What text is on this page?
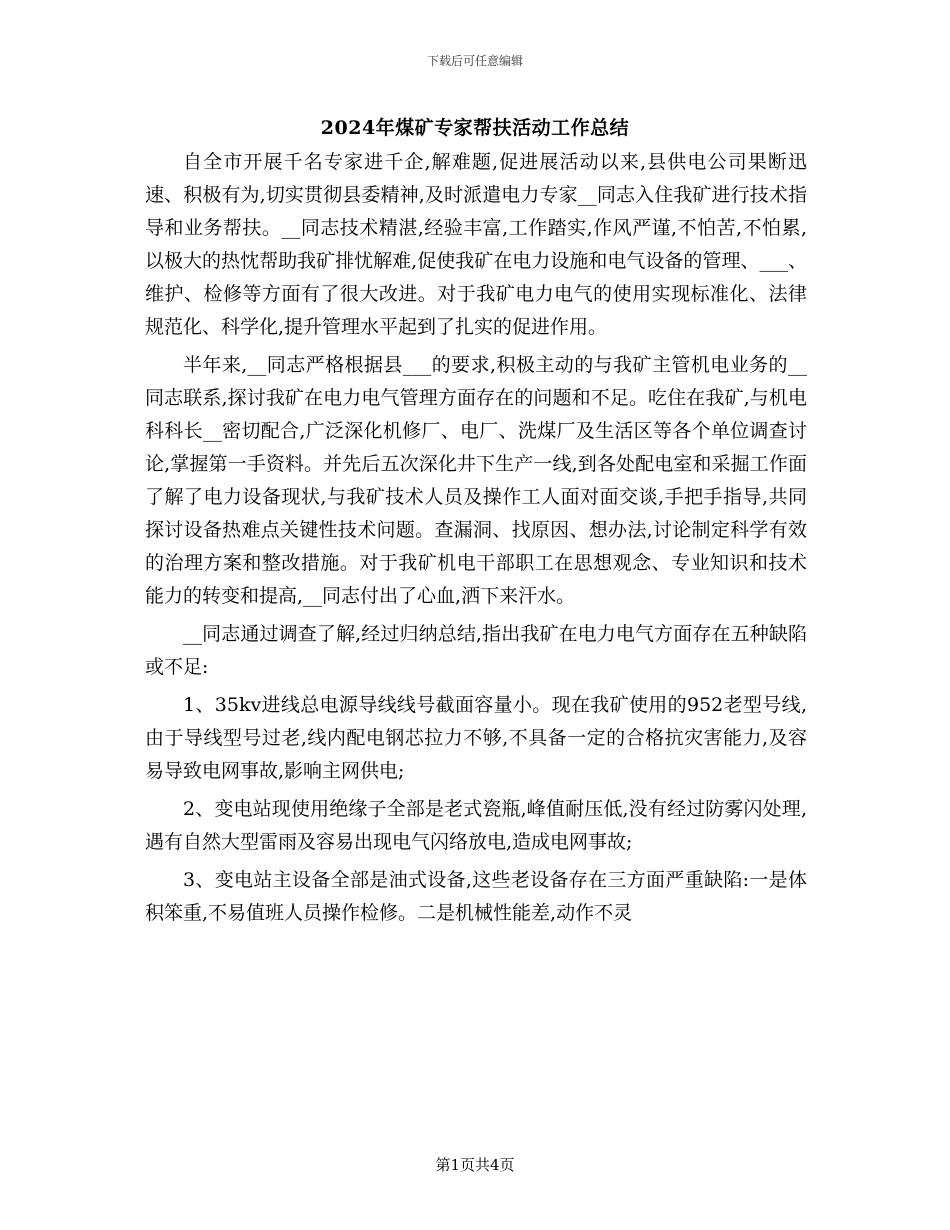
下载后可任意编辑
2024年煤矿专家帮扶活动工作总结

自全市开展千名专家进千企,解难题,促进展活动以来,县供电公司果断迅速、积极有为,切实贯彻县委精神,及时派遣电力专家__同志入住我矿进行技术指导和业务帮扶。__同志技术精湛,经验丰富,工作踏实,作风严谨,不怕苦,不怕累,以极大的热忱帮助我矿排忧解难,促使我矿在电力设施和电气设备的管理、___、维护、检修等方面有了很大改进。对于我矿电力电气的使用实现标准化、法律规范化、科学化,提升管理水平起到了扎实的促进作用。

半年来,__同志严格根据县___的要求,积极主动的与我矿主管机电业务的__同志联系,探讨我矿在电力电气管理方面存在的问题和不足。吃住在我矿,与机电科科长__密切配合,广泛深化机修厂、电厂、洗煤厂及生活区等各个单位调查讨论,掌握第一手资料。并先后五次深化井下生产一线,到各处配电室和采掘工作面了解了电力设备现状,与我矿技术人员及操作工人面对面交谈,手把手指导,共同探讨设备热难点关键性技术问题。查漏洞、找原因、想办法,讨论制定科学有效的治理方案和整改措施。对于我矿机电干部职工在思想观念、专业知识和技术能力的转变和提高,__同志付出了心血,洒下来汗水。

__同志通过调查了解,经过归纳总结,指出我矿在电力电气方面存在五种缺陷或不足:

1、35kv进线总电源导线线号截面容量小。现在我矿使用的952老型号线,由于导线型号过老,线内配电钢芯拉力不够,不具备一定的合格抗灾害能力,及容易导致电网事故,影响主网供电;

2、变电站现使用绝缘子全部是老式瓷瓶,峰值耐压低,没有经过防雾闪处理,遇有自然大型雷雨及容易出现电气闪络放电,造成电网事故;

3、变电站主设备全部是油式设备,这些老设备存在三方面严重缺陷:一是体积笨重,不易值班人员操作检修。二是机械性能差,动作不灵

第1页共4页
